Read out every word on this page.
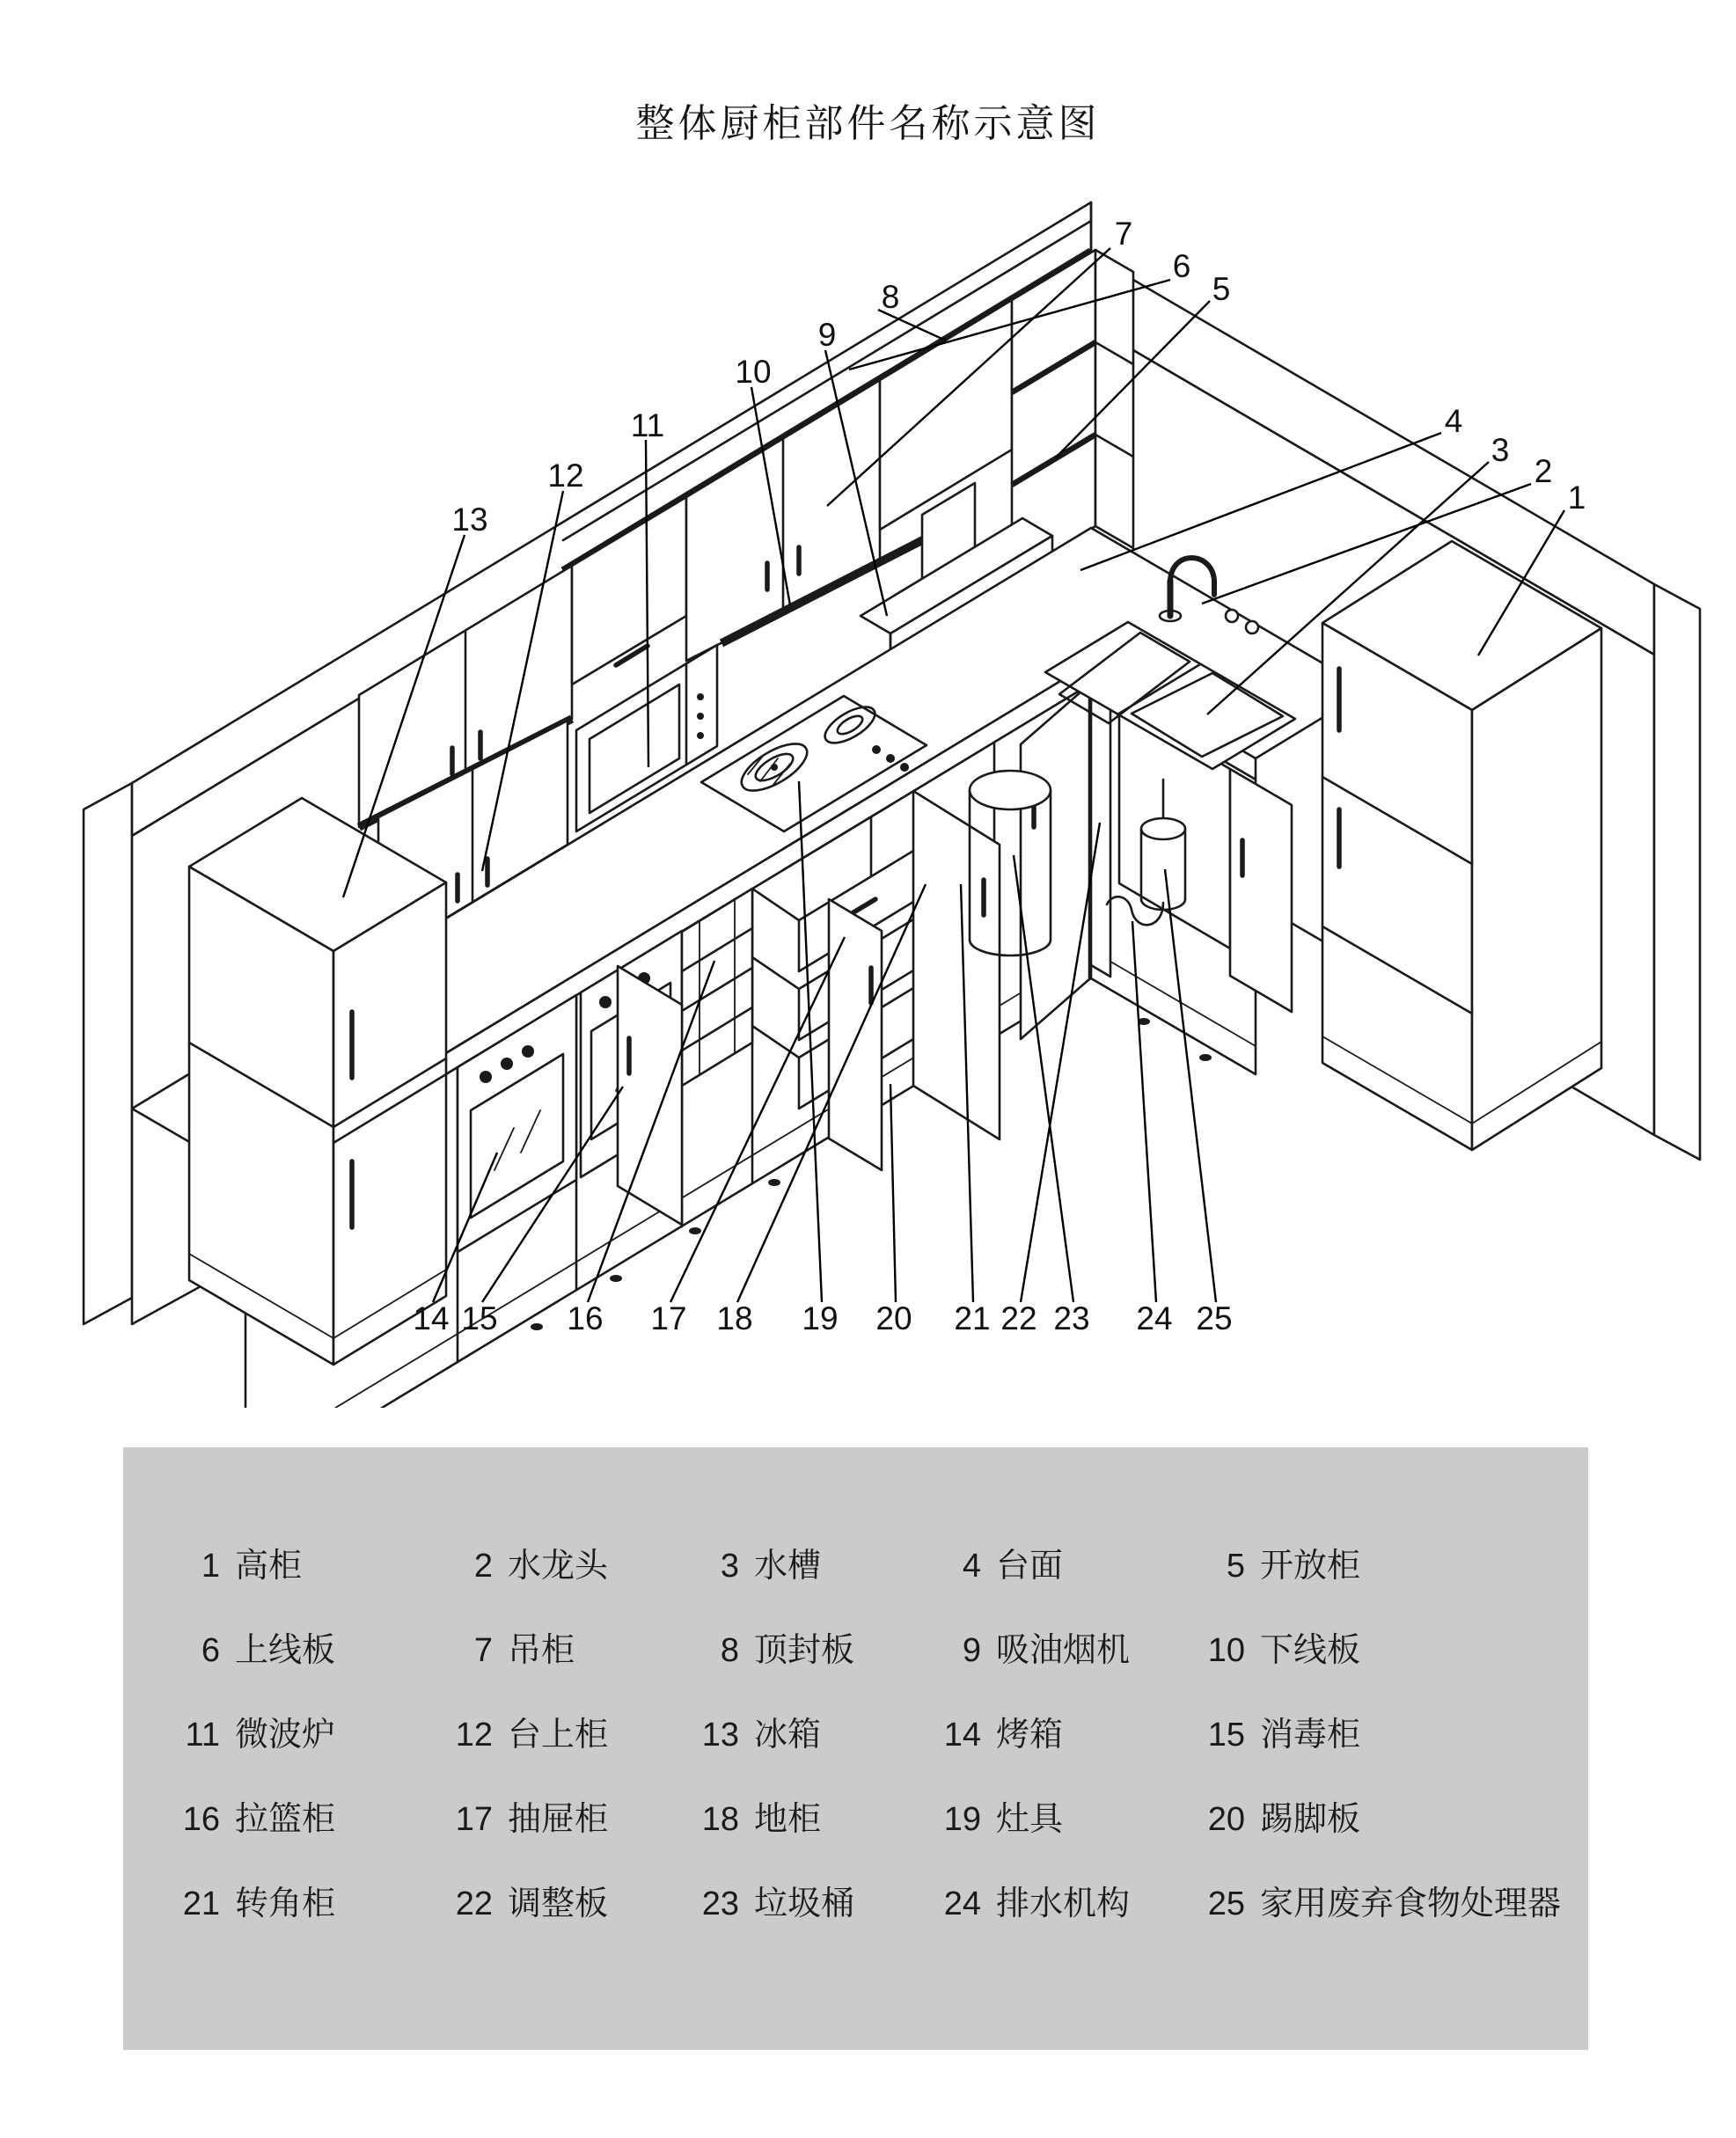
整体厨柜部件名称示意图
1
2
3
4
5
6
7
8
9
10
11
12
13
14 15 16 17 18 19 20 21 22 23 24 25
1 高柜	2 水龙头	3 水槽	4 台面	5 开放柜
6 上线板	7 吊柜	8 顶封板	9 吸油烟机	10 下线板
11 微波炉	12 台上柜	13 冰箱	14 烤箱	15 消毒柜
16 拉篮柜	17 抽屉柜	18 地柜	19 灶具	20 踢脚板
21 转角柜	22 调整板	23 垃圾桶	24 排水机构	25 家用废弃食物处理器
